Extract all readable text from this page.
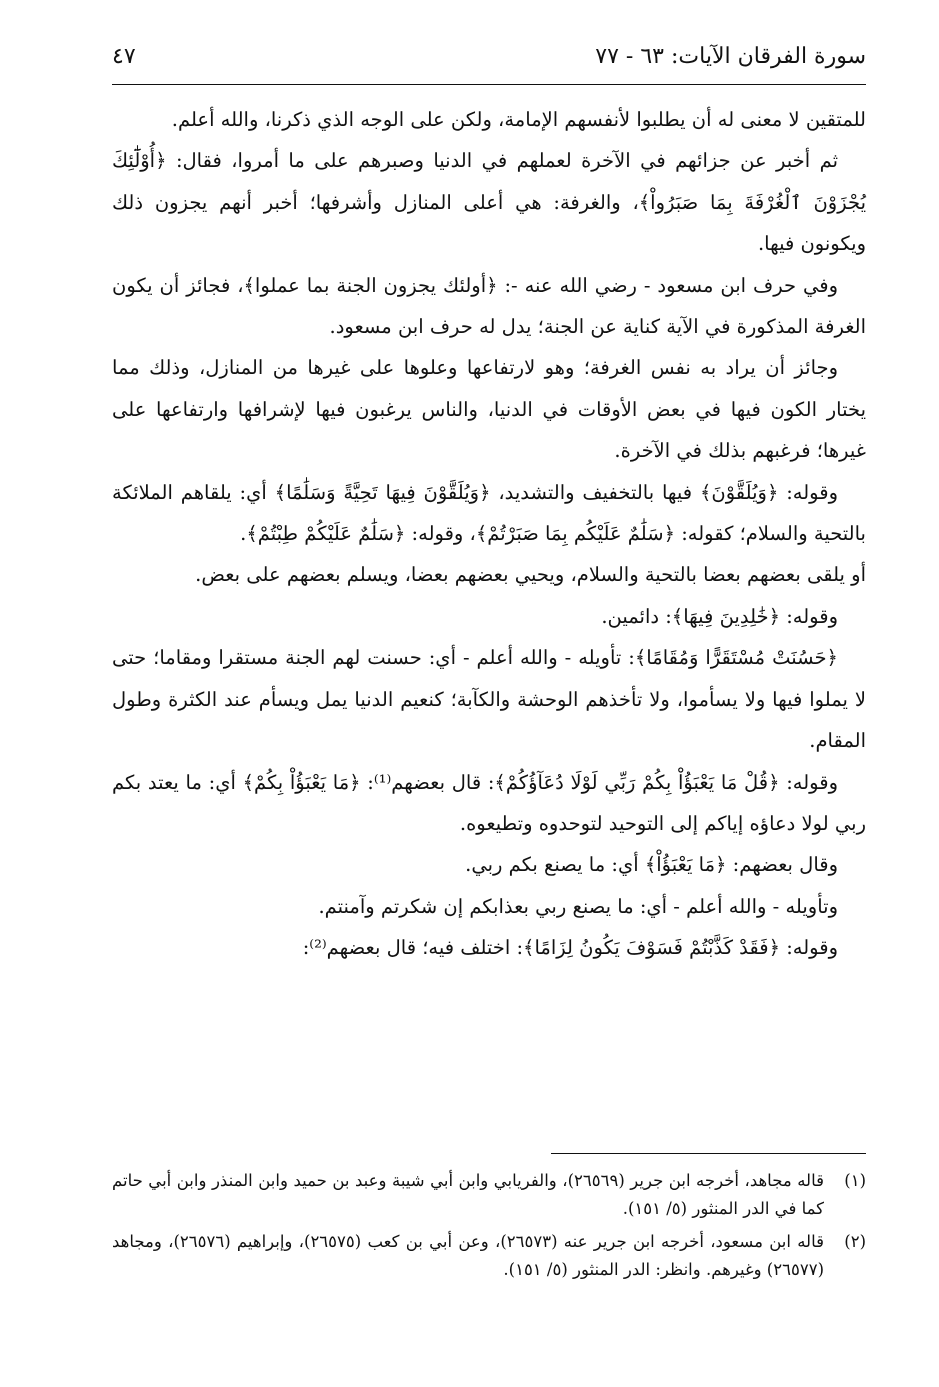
سورة الفرقان الآيات: ٦٣ - ٧٧
٤٧

للمتقين لا معنى له أن يطلبوا لأنفسهم الإمامة، ولكن على الوجه الذي ذكرنا، والله أعلم.

ثم أخبر عن جزائهم في الآخرة لعملهم في الدنيا وصبرهم على ما أمروا، فقال: ﴿أُوْلَٰٓئِكَ يُجْزَوْنَ ٱلْغُرْفَةَ بِمَا صَبَرُواْ﴾، والغرفة: هي أعلى المنازل وأشرفها؛ أخبر أنهم يجزون ذلك ويكونون فيها.

وفي حرف ابن مسعود - رضي الله عنه -: ﴿أولئك يجزون الجنة بما عملوا﴾، فجائز أن يكون الغرفة المذكورة في الآية كناية عن الجنة؛ يدل له حرف ابن مسعود.

وجائز أن يراد به نفس الغرفة؛ وهو لارتفاعها وعلوها على غيرها من المنازل، وذلك مما يختار الكون فيها في بعض الأوقات في الدنيا، والناس يرغبون فيها لإشرافها وارتفاعها على غيرها؛ فرغبهم بذلك في الآخرة.

وقوله: ﴿وَيُلَقَّوْنَ﴾ فيها بالتخفيف والتشديد، ﴿وَيُلَقَّوْنَ فِيهَا تَحِيَّةً وَسَلَٰمًا﴾ أي: يلقاهم الملائكة بالتحية والسلام؛ كقوله: ﴿سَلَٰمٌ عَلَيْكُم بِمَا صَبَرْتُمْ﴾، وقوله: ﴿سَلَٰمٌ عَلَيْكُمْ طِبْتُمْ﴾.

أو يلقى بعضهم بعضا بالتحية والسلام، ويحيي بعضهم بعضا، ويسلم بعضهم على بعض.

وقوله: ﴿خَٰلِدِينَ فِيهَا﴾: دائمين.

﴿حَسُنَتْ مُسْتَقَرًّا وَمُقَامًا﴾: تأويله - والله أعلم - أي: حسنت لهم الجنة مستقرا ومقاما؛ حتى لا يملوا فيها ولا يسأموا، ولا تأخذهم الوحشة والكآبة؛ كنعيم الدنيا يمل ويسأم عند الكثرة وطول المقام.

وقوله: ﴿قُلْ مَا يَعْبَؤُاْ بِكُمْ رَبِّي لَوْلَا دُعَآؤُكُمْ﴾: قال بعضهم⁽¹⁾: ﴿مَا يَعْبَؤُاْ بِكُمْ﴾ أي: ما يعتد بكم ربي لولا دعاؤه إياكم إلى التوحيد لتوحدوه وتطيعوه.

وقال بعضهم: ﴿مَا يَعْبَؤُاْ﴾ أي: ما يصنع بكم ربي.

وتأويله - والله أعلم - أي: ما يصنع ربي بعذابكم إن شكرتم وآمنتم.

وقوله: ﴿فَقَدْ كَذَّبْتُمْ فَسَوْفَ يَكُونُ لِزَامًا﴾: اختلف فيه؛ قال بعضهم⁽²⁾:

(١)
قاله مجاهد، أخرجه ابن جرير (٢٦٥٦٩)، والفريابي وابن أبي شيبة وعبد بن حميد وابن المنذر وابن أبي حاتم كما في الدر المنثور (٥/ ١٥١).
(٢)
قاله ابن مسعود، أخرجه ابن جرير عنه (٢٦٥٧٣)، وعن أبي بن كعب (٢٦٥٧٥)، وإبراهيم (٢٦٥٧٦)، ومجاهد (٢٦٥٧٧) وغيرهم. وانظر: الدر المنثور (٥/ ١٥١).
